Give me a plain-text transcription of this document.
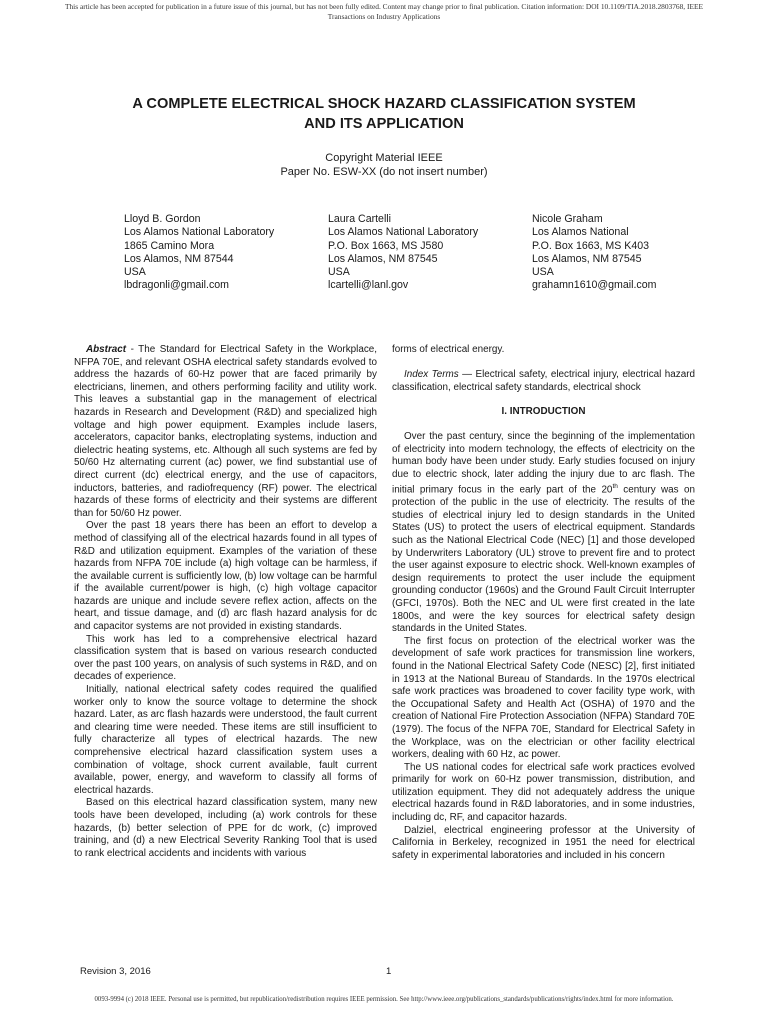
This article has been accepted for publication in a future issue of this journal, but has not been fully edited. Content may change prior to final publication. Citation information: DOI 10.1109/TIA.2018.2803768, IEEE
Transactions on Industry Applications
A COMPLETE ELECTRICAL SHOCK HAZARD CLASSIFICATION SYSTEM
AND ITS APPLICATION
Copyright Material IEEE
Paper No. ESW-XX (do not insert number)
Lloyd B. Gordon
Los Alamos National Laboratory
1865 Camino Mora
Los Alamos, NM 87544
USA
lbdragonli@gmail.com
Laura Cartelli
Los Alamos National Laboratory
P.O. Box 1663, MS J580
Los Alamos, NM 87545
USA
lcartelli@lanl.gov
Nicole Graham
Los Alamos National
P.O. Box 1663, MS K403
Los Alamos, NM 87545
USA
grahamn1610@gmail.com

Abstract - The Standard for Electrical Safety in the Workplace, NFPA 70E, and relevant OSHA electrical safety standards evolved to address the hazards of 60-Hz power that are faced primarily by electricians, linemen, and others performing facility and utility work. This leaves a substantial gap in the management of electrical hazards in Research and Development (R&D) and specialized high voltage and high power equipment. Examples include lasers, accelerators, capacitor banks, electroplating systems, induction and dielectric heating systems, etc. Although all such systems are fed by 50/60 Hz alternating current (ac) power, we find substantial use of direct current (dc) electrical energy, and the use of capacitors, inductors, batteries, and radiofrequency (RF) power. The electrical hazards of these forms of electricity and their systems are different than for 50/60 Hz power.

Over the past 18 years there has been an effort to develop a method of classifying all of the electrical hazards found in all types of R&D and utilization equipment. Examples of the variation of these hazards from NFPA 70E include (a) high voltage can be harmless, if the available current is sufficiently low, (b) low voltage can be harmful if the available current/power is high, (c) high voltage capacitor hazards are unique and include severe reflex action, affects on the heart, and tissue damage, and (d) arc flash hazard analysis for dc and capacitor systems are not provided in existing standards.

This work has led to a comprehensive electrical hazard classification system that is based on various research conducted over the past 100 years, on analysis of such systems in R&D, and on decades of experience.

Initially, national electrical safety codes required the qualified worker only to know the source voltage to determine the shock hazard. Later, as arc flash hazards were understood, the fault current and clearing time were needed. These items are still insufficient to fully characterize all types of electrical hazards. The new comprehensive electrical hazard classification system uses a combination of voltage, shock current available, fault current available, power, energy, and waveform to classify all forms of electrical hazards.

Based on this electrical hazard classification system, many new tools have been developed, including (a) work controls for these hazards, (b) better selection of PPE for dc work, (c) improved training, and (d) a new Electrical Severity Ranking Tool that is used to rank electrical accidents and incidents with various

forms of electrical energy.

Index Terms — Electrical safety, electrical injury, electrical hazard classification, electrical safety standards, electrical shock

I. INTRODUCTION

Over the past century, since the beginning of the implementation of electricity into modern technology, the effects of electricity on the human body have been under study. Early studies focused on injury due to electric shock, later adding the injury due to arc flash. The initial primary focus in the early part of the 20th century was on protection of the public in the use of electricity. The results of the studies of electrical injury led to design standards in the United States (US) to protect the users of electrical equipment. Standards such as the National Electrical Code (NEC) [1] and those developed by Underwriters Laboratory (UL) strove to prevent fire and to protect the user against exposure to electric shock. Well-known examples of design requirements to protect the user include the equipment grounding conductor (1960s) and the Ground Fault Circuit Interrupter (GFCI, 1970s). Both the NEC and UL were first created in the late 1800s, and were the key sources for electrical safety design standards in the United States.

The first focus on protection of the electrical worker was the development of safe work practices for transmission line workers, found in the National Electrical Safety Code (NESC) [2], first initiated in 1913 at the National Bureau of Standards. In the 1970s electrical safe work practices was broadened to cover facility type work, with the Occupational Safety and Health Act (OSHA) of 1970 and the creation of National Fire Protection Association (NFPA) Standard 70E (1979). The focus of the NFPA 70E, Standard for Electrical Safety in the Workplace, was on the electrician or other facility electrical workers, dealing with 60 Hz, ac power.

The US national codes for electrical safe work practices evolved primarily for work on 60-Hz power transmission, distribution, and utilization equipment. They did not adequately address the unique electrical hazards found in R&D laboratories, and in some industries, including dc, RF, and capacitor hazards.

Dalziel, electrical engineering professor at the University of California in Berkeley, recognized in 1951 the need for electrical safety in experimental laboratories and included in his concern

Revision 3, 2016	1
0093-9994 (c) 2018 IEEE. Personal use is permitted, but republication/redistribution requires IEEE permission. See http://www.ieee.org/publications_standards/publications/rights/index.html for more information.
